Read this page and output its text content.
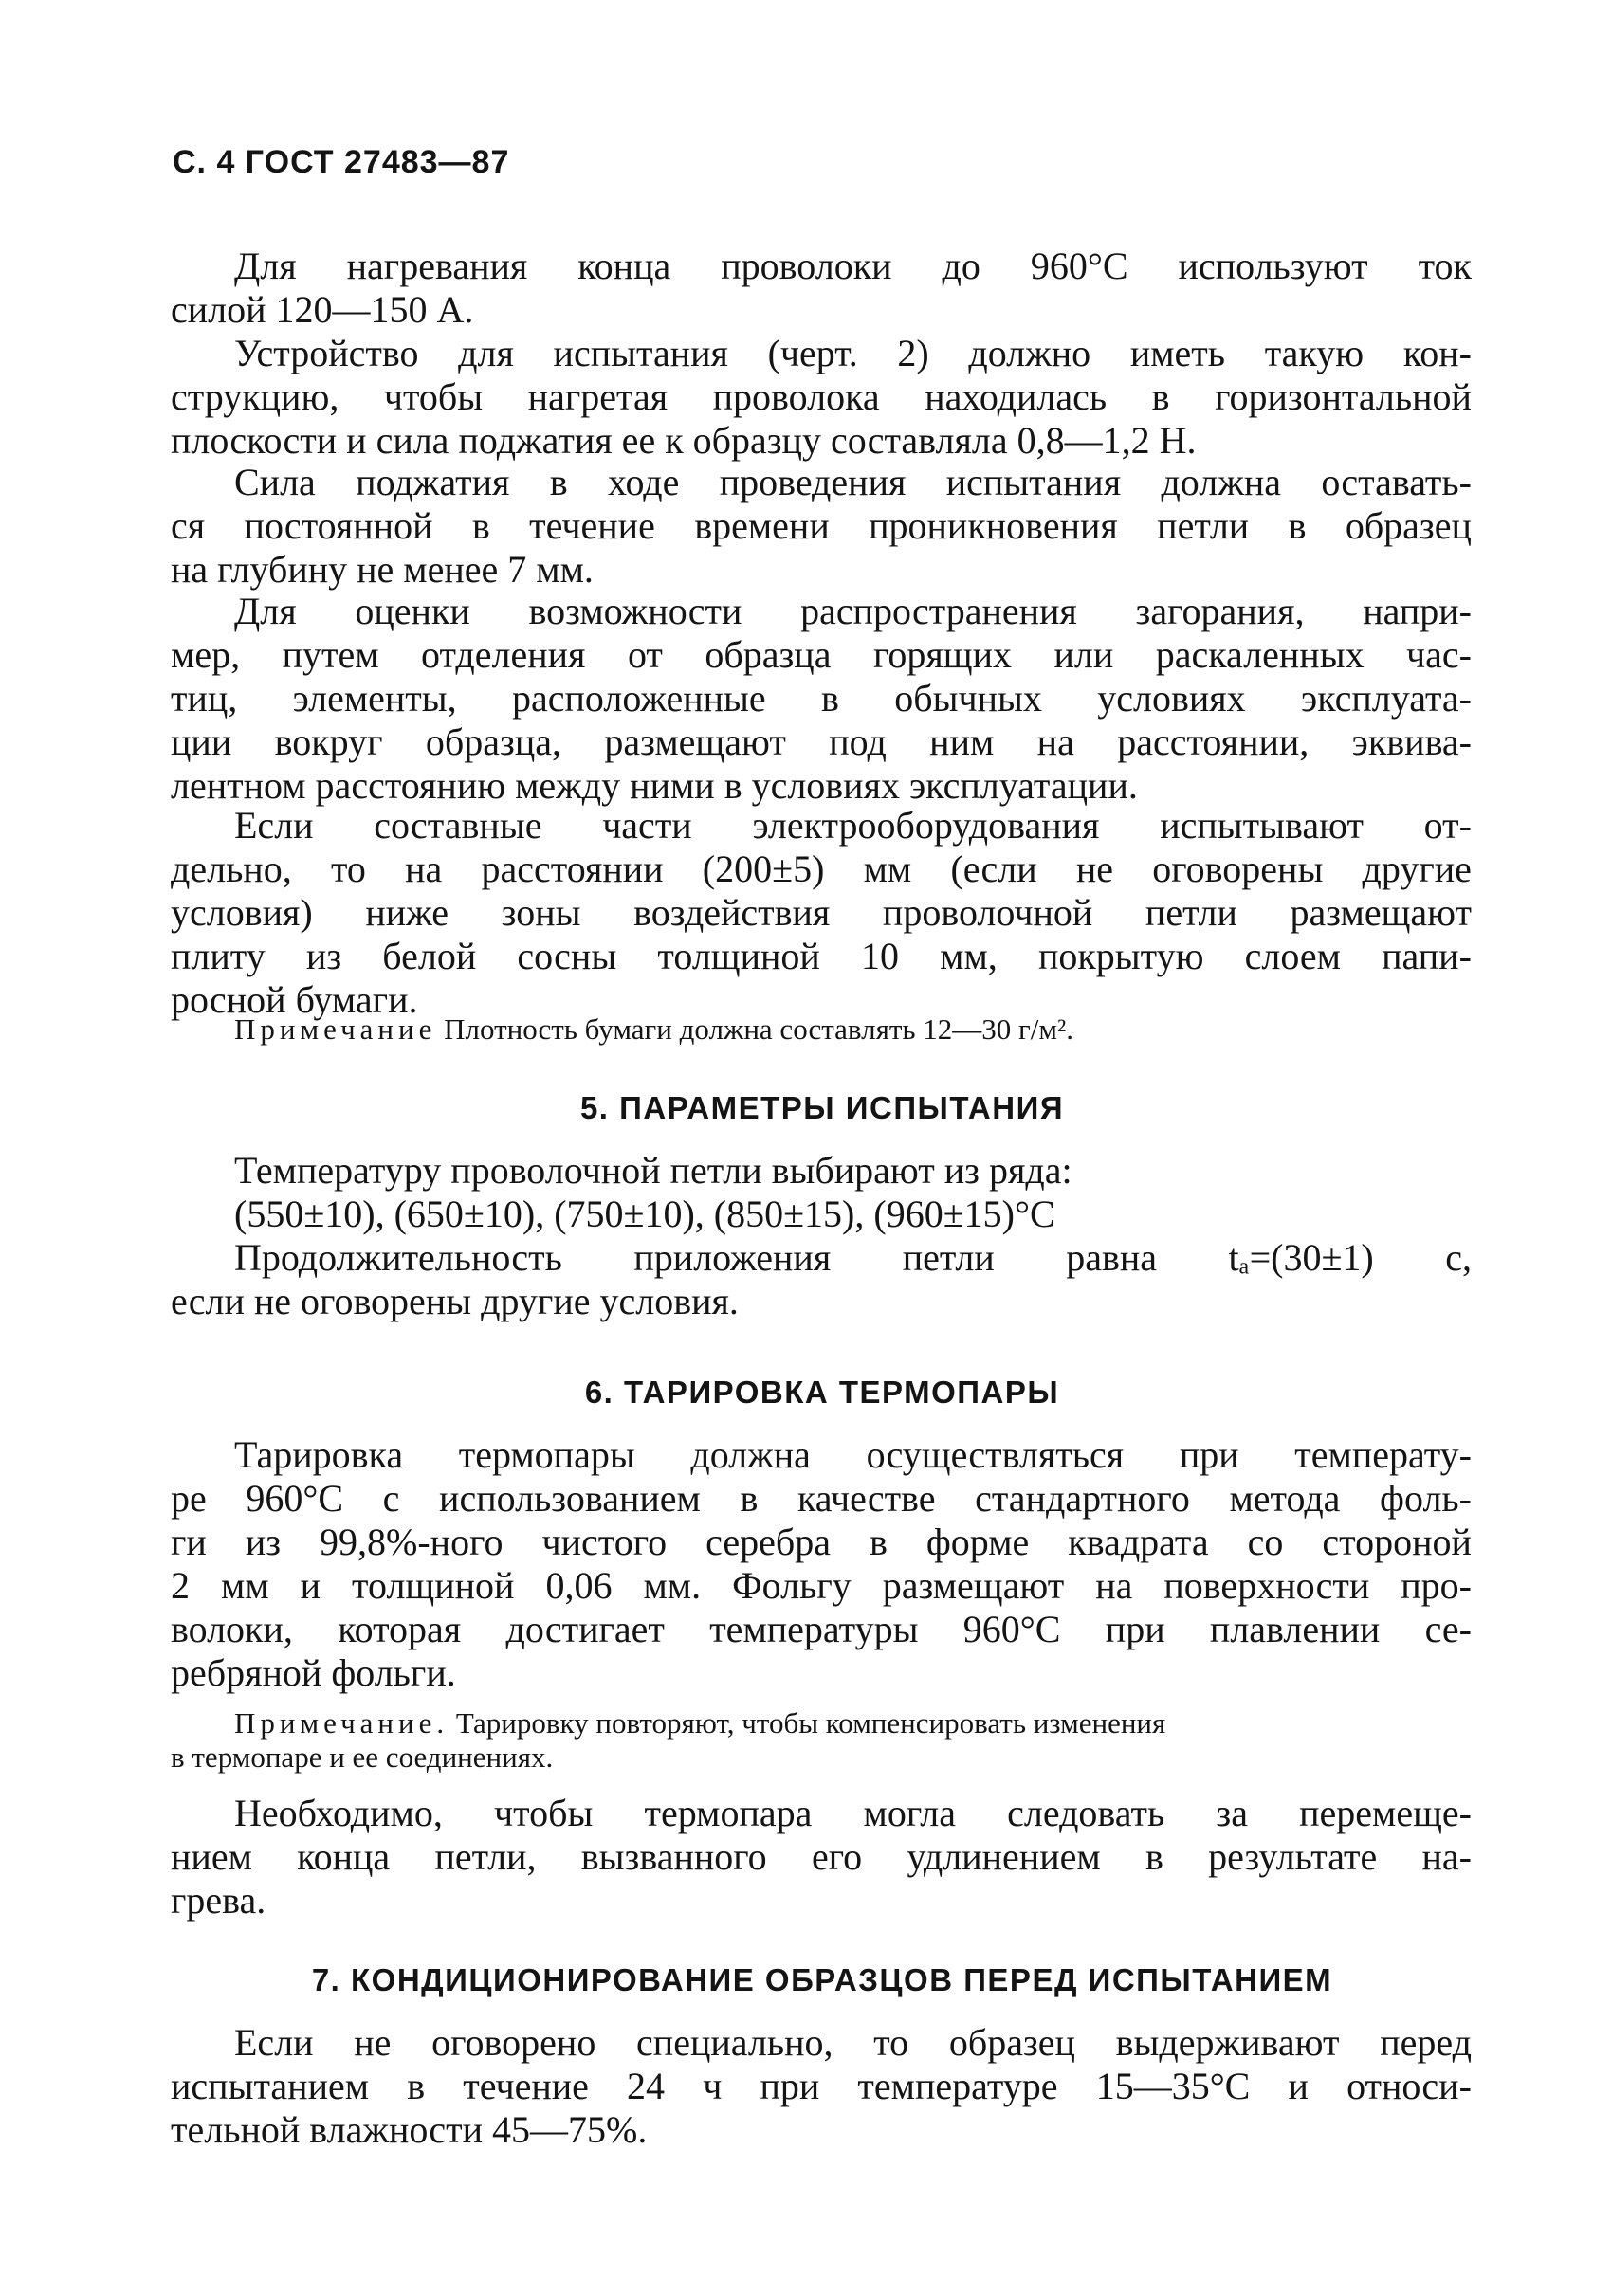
С. 4 ГОСТ 27483—87
Для нагревания конца проволоки до 960°С используют ток
силой 120—150 А.
Устройство для испытания (черт. 2) должно иметь такую кон-
струкцию, чтобы нагретая проволока находилась в горизонтальной
плоскости и сила поджатия ее к образцу составляла 0,8—1,2 Н.
Сила поджатия в ходе проведения испытания должна оставать-
ся постоянной в течение времени проникновения петли в образец
на глубину не менее 7 мм.
Для оценки возможности распространения загорания, напри-
мер, путем отделения от образца горящих или раскаленных час-
тиц, элементы, расположенные в обычных условиях эксплуата-
ции вокруг образца, размещают под ним на расстоянии, эквива-
лентном расстоянию между ними в условиях эксплуатации.
Если составные части электрооборудования испытывают от-
дельно, то на расстоянии (200±5) мм (если не оговорены другие
условия) ниже зоны воздействия проволочной петли размещают
плиту из белой сосны толщиной 10 мм, покрытую слоем папи-
росной бумаги.
Примечание Плотность бумаги должна составлять 12—30 г/м².
5. ПАРАМЕТРЫ ИСПЫТАНИЯ
Температуру проволочной петли выбирают из ряда:
(550±10), (650±10), (750±10), (850±15), (960±15)°С
Продолжительность приложения петли равна tₐ=(30±1) с,
если не оговорены другие условия.
6. ТАРИРОВКА ТЕРМОПАРЫ
Тарировка термопары должна осуществляться при температу-
ре 960°С с использованием в качестве стандартного метода фоль-
ги из 99,8%-ного чистого серебра в форме квадрата со стороной
2 мм и толщиной 0,06 мм. Фольгу размещают на поверхности про-
волоки, которая достигает температуры 960°С при плавлении се-
ребряной фольги.
Примечание. Тарировку повторяют, чтобы компенсировать изменения
в термопаре и ее соединениях.
Необходимо, чтобы термопара могла следовать за перемеще-
нием конца петли, вызванного его удлинением в результате на-
грева.
7. КОНДИЦИОНИРОВАНИЕ ОБРАЗЦОВ ПЕРЕД ИСПЫТАНИЕМ
Если не оговорено специально, то образец выдерживают перед
испытанием в течение 24 ч при температуре 15—35°С и относи-
тельной влажности 45—75%.
